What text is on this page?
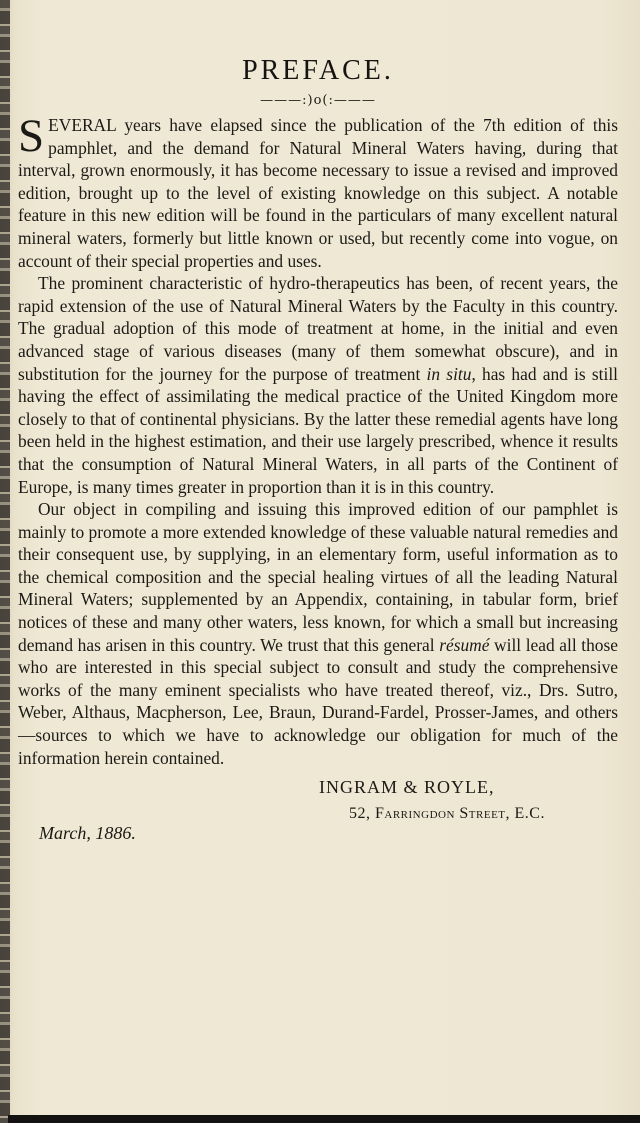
PREFACE.
———:)o(:———

SEVERAL years have elapsed since the publication of the 7th edition of this pamphlet, and the demand for Natural Mineral Waters having, during that interval, grown enormously, it has become necessary to issue a revised and improved edition, brought up to the level of existing knowledge on this subject. A notable feature in this new edition will be found in the particulars of many excellent natural mineral waters, formerly but little known or used, but recently come into vogue, on account of their special properties and uses.

The prominent characteristic of hydro-therapeutics has been, of recent years, the rapid extension of the use of Natural Mineral Waters by the Faculty in this country. The gradual adoption of this mode of treatment at home, in the initial and even advanced stage of various diseases (many of them somewhat obscure), and in substitution for the journey for the purpose of treatment in situ, has had and is still having the effect of assimilating the medical practice of the United Kingdom more closely to that of continental physicians. By the latter these remedial agents have long been held in the highest estimation, and their use largely prescribed, whence it results that the consumption of Natural Mineral Waters, in all parts of the Continent of Europe, is many times greater in proportion than it is in this country.

Our object in compiling and issuing this improved edition of our pamphlet is mainly to promote a more extended knowledge of these valuable natural remedies and their consequent use, by supplying, in an elementary form, useful information as to the chemical composition and the special healing virtues of all the leading Natural Mineral Waters; supplemented by an Appendix, containing, in tabular form, brief notices of these and many other waters, less known, for which a small but increasing demand has arisen in this country. We trust that this general résumé will lead all those who are interested in this special subject to consult and study the comprehensive works of the many eminent specialists who have treated thereof, viz., Drs. Sutro, Weber, Althaus, Macpherson, Lee, Braun, Durand-Fardel, Prosser-James, and others—sources to which we have to acknowledge our obligation for much of the information herein contained.

INGRAM & ROYLE,
52, Farringdon Street, E.C.
March, 1886.
